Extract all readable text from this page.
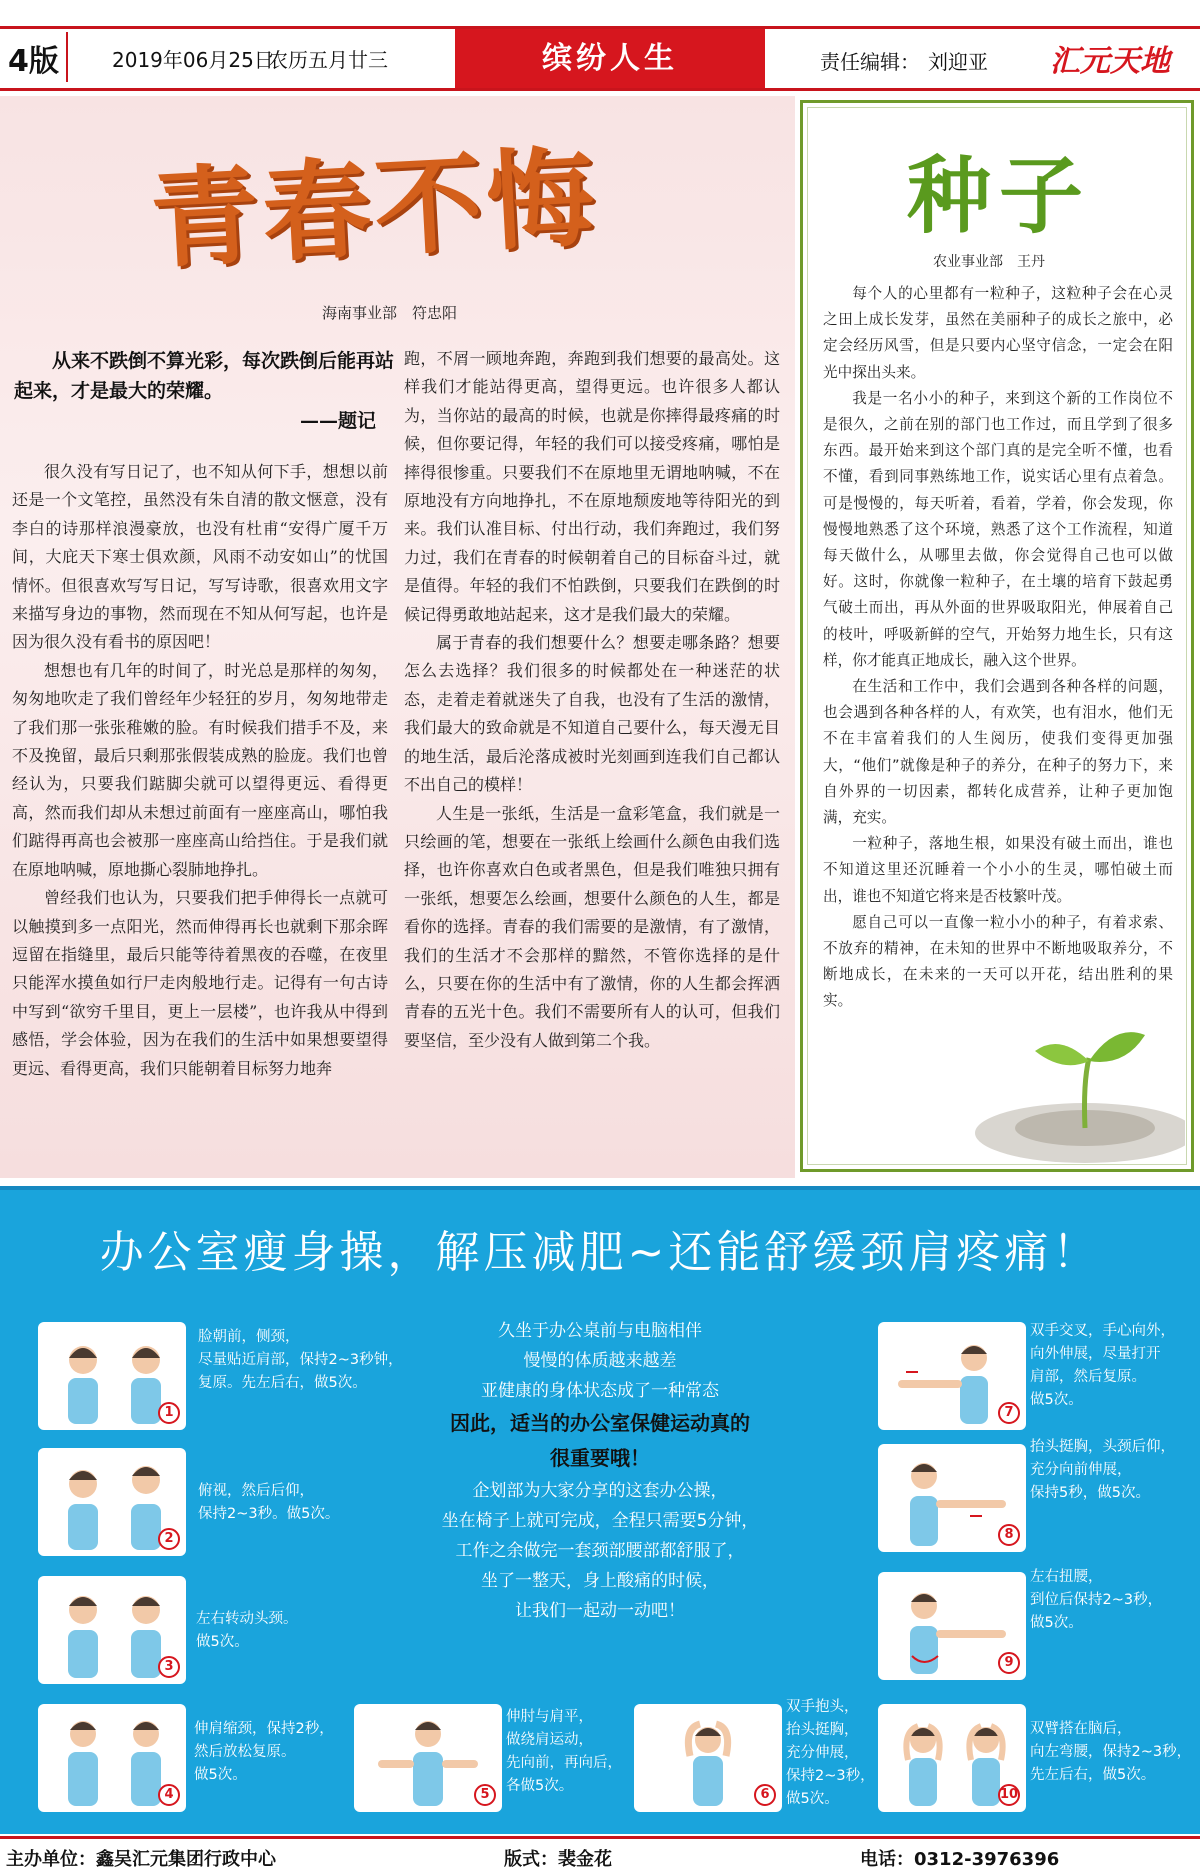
4版	2019年06月25日
农历五月廿三	缤纷人生	责任编辑： 刘迎亚 汇元天地
青春不悔
海南事业部　符忠阳
从来不跌倒不算光彩，每次跌倒后能再站起来，才是最大的荣耀。
——题记

很久没有写日记了，也不知从何下手，想想以前还是一个文笔控，虽然没有朱自清的散文惬意，没有李白的诗那样浪漫豪放，也没有杜甫“安得广厦千万间，大庇天下寒士俱欢颜，风雨不动安如山”的忧国情怀。但很喜欢写写日记，写写诗歌，很喜欢用文字来描写身边的事物，然而现在不知从何写起，也许是因为很久没有看书的原因吧！

想想也有几年的时间了，时光总是那样的匆匆，匆匆地吹走了我们曾经年少轻狂的岁月，匆匆地带走了我们那一张张稚嫩的脸。有时候我们措手不及，来不及挽留，最后只剩那张假装成熟的脸庞。我们也曾经认为，只要我们踮脚尖就可以望得更远、看得更高，然而我们却从未想过前面有一座座高山，哪怕我们踮得再高也会被那一座座高山给挡住。于是我们就在原地呐喊，原地撕心裂肺地挣扎。

曾经我们也认为，只要我们把手伸得长一点就可以触摸到多一点阳光，然而伸得再长也就剩下那余晖逗留在指缝里，最后只能等待着黑夜的吞噬，在夜里只能浑水摸鱼如行尸走肉般地行走。记得有一句古诗中写到“欲穷千里目，更上一层楼”，也许我从中得到感悟，学会体验，因为在我们的生活中如果想要望得更远、看得更高，我们只能朝着目标努力地奔

跑，不屑一顾地奔跑，奔跑到我们想要的最高处。这样我们才能站得更高，望得更远。也许很多人都认为，当你站的最高的时候，也就是你摔得最疼痛的时候，但你要记得，年轻的我们可以接受疼痛，哪怕是摔得很惨重。只要我们不在原地里无谓地呐喊，不在原地没有方向地挣扎，不在原地颓废地等待阳光的到来。我们认准目标、付出行动，我们奔跑过，我们努力过，我们在青春的时候朝着自己的目标奋斗过，就是值得。年轻的我们不怕跌倒，只要我们在跌倒的时候记得勇敢地站起来，这才是我们最大的荣耀。

属于青春的我们想要什么？想要走哪条路？想要怎么去选择？我们很多的时候都处在一种迷茫的状态，走着走着就迷失了自我，也没有了生活的激情，我们最大的致命就是不知道自己要什么，每天漫无目的地生活，最后沦落成被时光刻画到连我们自己都认不出自己的模样！

人生是一张纸，生活是一盒彩笔盒，我们就是一只绘画的笔，想要在一张纸上绘画什么颜色由我们选择，也许你喜欢白色或者黑色，但是我们唯独只拥有一张纸，想要怎么绘画，想要什么颜色的人生，都是看你的选择。青春的我们需要的是激情，有了激情，我们的生活才不会那样的黯然，不管你选择的是什么，只要在你的生活中有了激情，你的人生都会挥洒青春的五光十色。我们不需要所有人的认可，但我们要坚信，至少没有人做到第二个我。

种子
农业事业部　王丹

每个人的心里都有一粒种子，这粒种子会在心灵之田上成长发芽，虽然在美丽种子的成长之旅中，必定会经历风雪，但是只要内心坚守信念，一定会在阳光中探出头来。

我是一名小小的种子，来到这个新的工作岗位不是很久，之前在别的部门也工作过，而且学到了很多东西。最开始来到这个部门真的是完全听不懂，也看不懂，看到同事熟练地工作，说实话心里有点着急。可是慢慢的，每天听着，看着，学着，你会发现，你慢慢地熟悉了这个环境，熟悉了这个工作流程，知道每天做什么，从哪里去做，你会觉得自己也可以做好。这时，你就像一粒种子，在土壤的培育下鼓起勇气破土而出，再从外面的世界吸取阳光，伸展着自己的枝叶，呼吸新鲜的空气，开始努力地生长，只有这样，你才能真正地成长，融入这个世界。

在生活和工作中，我们会遇到各种各样的问题，也会遇到各种各样的人，有欢笑，也有泪水，他们无不在丰富着我们的人生阅历，使我们变得更加强大，“他们”就像是种子的养分，在种子的努力下，来自外界的一切因素，都转化成营养，让种子更加饱满，充实。

一粒种子，落地生根，如果没有破土而出，谁也不知道这里还沉睡着一个小小的生灵，哪怕破土而出，谁也不知道它将来是否枝繁叶茂。

愿自己可以一直像一粒小小的种子，有着求索、不放弃的精神，在未知的世界中不断地吸取养分，不断地成长，在未来的一天可以开花，结出胜利的果实。

办公室瘦身操，解压减肥~还能舒缓颈肩疼痛！
久坐于办公桌前与电脑相伴
慢慢的体质越来越差
亚健康的身体状态成了一种常态
因此，适当的办公室保健运动真的
很重要哦！
企划部为大家分享的这套办公操，
坐在椅子上就可完成，全程只需要5分钟，
工作之余做完一套颈部腰部都舒服了，
坐了一整天，身上酸痛的时候，
让我们一起动一动吧！
1
脸朝前，侧颈，
尽量贴近肩部，保持2~3秒钟，
复原。先左后右，做5次。
2
俯视，然后后仰，
保持2~3秒。做5次。
3
左右转动头颈。
做5次。
4
伸肩缩颈，保持2秒，
然后放松复原。
做5次。
5
伸肘与肩平，
做绕肩运动，
先向前，再向后，
各做5次。
6
双手抱头，
抬头挺胸，
充分伸展，
保持2~3秒，
做5次。
7
双手交叉，手心向外，
向外伸展，尽量打开
肩部，然后复原。
做5次。
8
抬头挺胸，头颈后仰，
充分向前伸展，
保持5秒，做5次。
9
左右扭腰，
到位后保持2~3秒，
做5次。
10
双臂搭在脑后，
向左弯腰，保持2~3秒，
先左后右，做5次。
主办单位：鑫吴汇元集团行政中心	版式：裴金花	电话：0312-3976396
